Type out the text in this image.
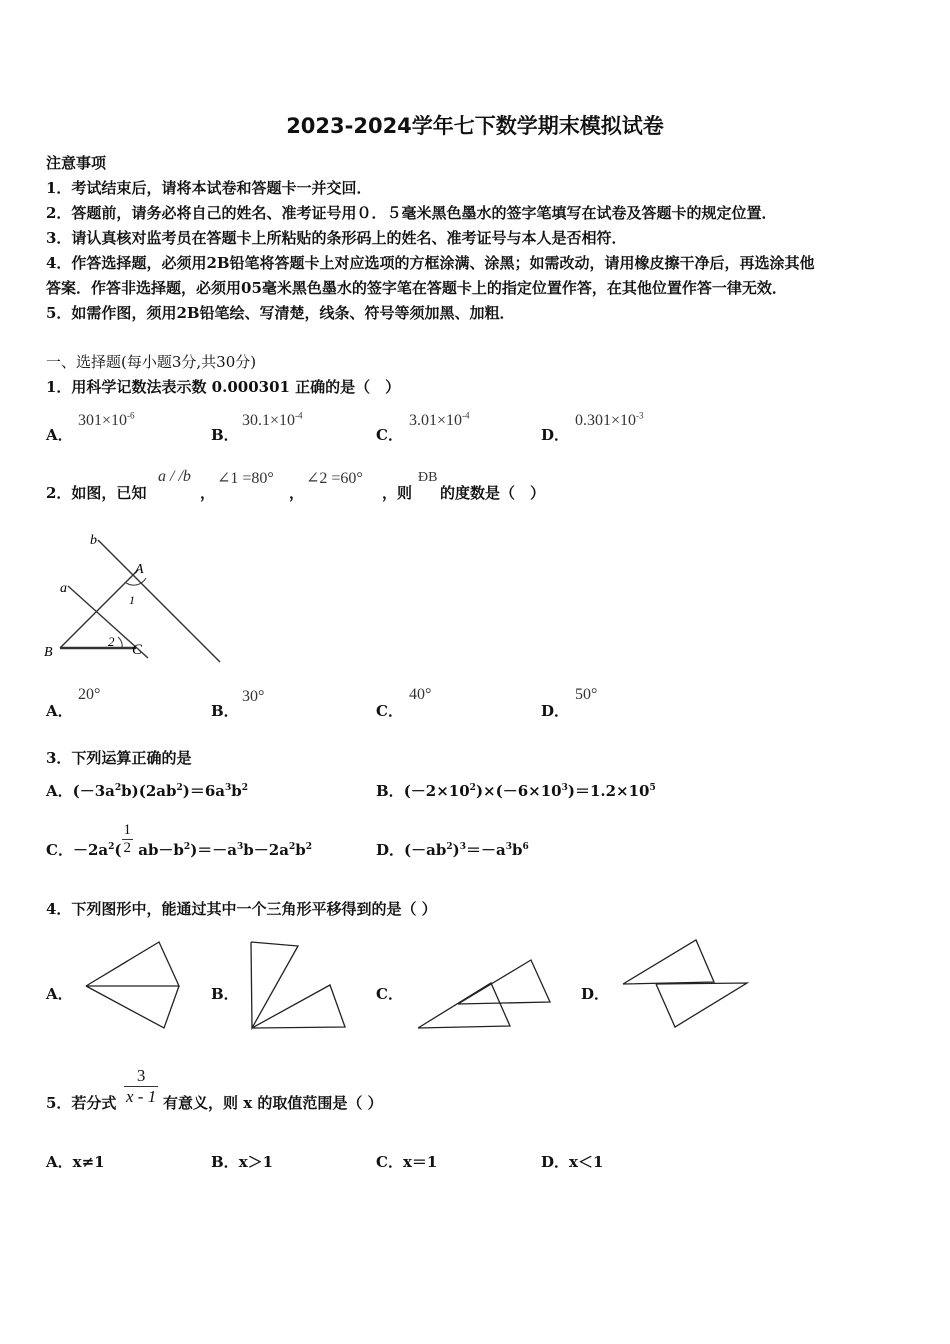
2023-2024学年七下数学期末模拟试卷
注意事项
1．考试结束后，请将本试卷和答题卡一并交回．
2．答题前，请务必将自己的姓名、准考证号用０．５毫米黑色墨水的签字笔填写在试卷及答题卡的规定位置．
3．请认真核对监考员在答题卡上所粘贴的条形码上的姓名、准考证号与本人是否相符．
4．作答选择题，必须用2B铅笔将答题卡上对应选项的方框涂满、涂黑；如需改动，请用橡皮擦干净后，再选涂其他
答案．作答非选择题，必须用05毫米黑色墨水的签字笔在答题卡上的指定位置作答，在其他位置作答一律无效．
5．如需作图，须用2B铅笔绘、写清楚，线条、符号等须加黑、加粗．
一、选择题(每小题3分,共30分)
1．用科学记数法表示数 0.000301 正确的是（　）
A．
$301\times 10^{-6}$
B．
$30.1\times 10^{-4}$
C．
$3.01\times 10^{-4}$
D．
$0.301\times 10^{-3}$
2．如图，已知
a / /b
，
∠1 =80°
，
∠2 =60°
，则
ÐB
的度数是（　）
b
A
1
a
B
2
C
A．
20°
B．
30°
C．
40°
D．
50°
3．下列运算正确的是
A．$(-3a^2b)(2ab^2)=6a^3b^2$	B．$(-2\times 10^2)\times(-6\times 10^3)=1.2\times 10^5$
C．$-2a^2( \frac{1}{2} ab-b^2)=-a^3b-2a^2b^2$	D．$(-ab^2)^3=-a^3b^6$
4．下列图形中，能通过其中一个三角形平移得到的是（ ）
A．	B．	C．	D．
5．若分式 $\frac{3}{x - 1}$ 有意义，则 x 的取值范围是（ ）
A．x≠1	B．x＞1	C．x＝1	D．x＜1
